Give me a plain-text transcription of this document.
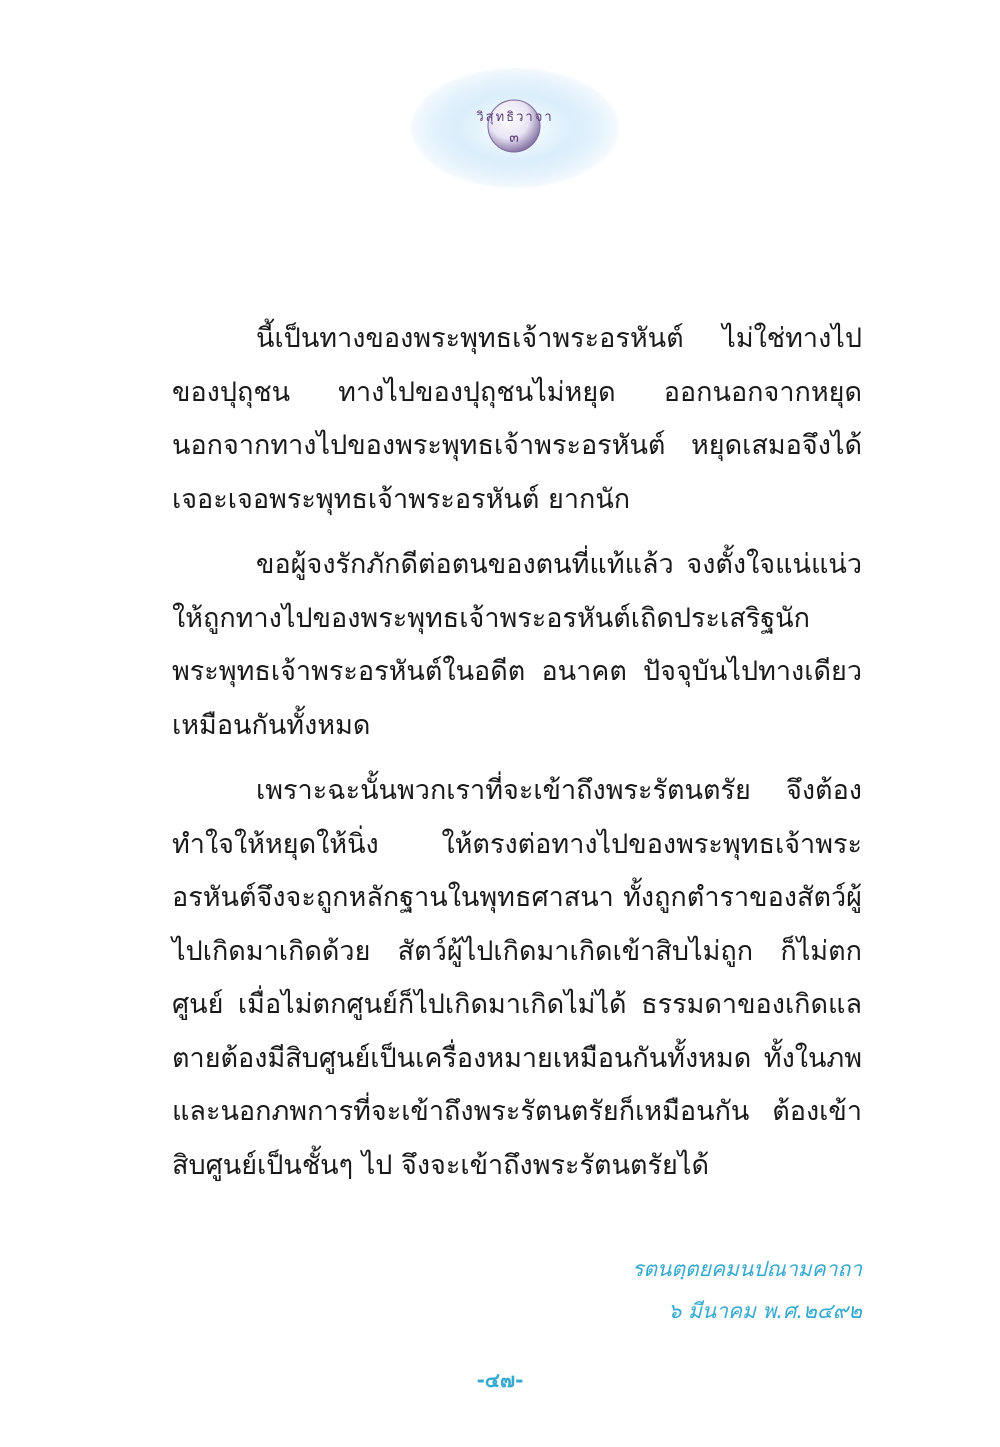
๓
วิสุทธิวาจา

นี้เป็นทางของพระพุทธเจ้าพระอรหันต์ ไม่ใช่ทางไปของปุถุชน ทางไปของปุถุชนไม่หยุด ออกนอกจากหยุด นอกจากทางไปของพระพุทธเจ้าพระอรหันต์ หยุดเสมอจึงได้เจอะเจอพระพุทธเจ้าพระอรหันต์ ยากนัก

ขอผู้จงรักภักดีต่อตนของตนที่แท้แล้ว จงตั้งใจแน่แน่วให้ถูกทางไปของพระพุทธเจ้าพระอรหันต์เถิดประเสริฐนัก พระพุทธเจ้าพระอรหันต์ในอดีต อนาคต ปัจจุบันไปทางเดียวเหมือนกันทั้งหมด

เพราะฉะนั้นพวกเราที่จะเข้าถึงพระรัตนตรัย จึงต้องทำใจให้หยุดให้นิ่ง ให้ตรงต่อทางไปของพระพุทธเจ้าพระอรหันต์จึงจะถูกหลักฐานในพุทธศาสนา ทั้งถูกตำราของสัตว์ผู้ไปเกิดมาเกิดด้วย สัตว์ผู้ไปเกิดมาเกิดเข้าสิบไม่ถูก ก็ไม่ตกศูนย์ เมื่อไม่ตกศูนย์ก็ไปเกิดมาเกิดไม่ได้ ธรรมดาของเกิดแลตายต้องมีสิบศูนย์เป็นเครื่องหมายเหมือนกันทั้งหมด ทั้งในภพและนอกภพการที่จะเข้าถึงพระรัตนตรัยก็เหมือนกัน ต้องเข้าสิบศูนย์เป็นชั้นๆ ไป จึงจะเข้าถึงพระรัตนตรัยได้

รตนตฺตยคมนปณามคาถา
๖ มีนาคม พ.ศ.๒๔๙๒
-๔๗-
